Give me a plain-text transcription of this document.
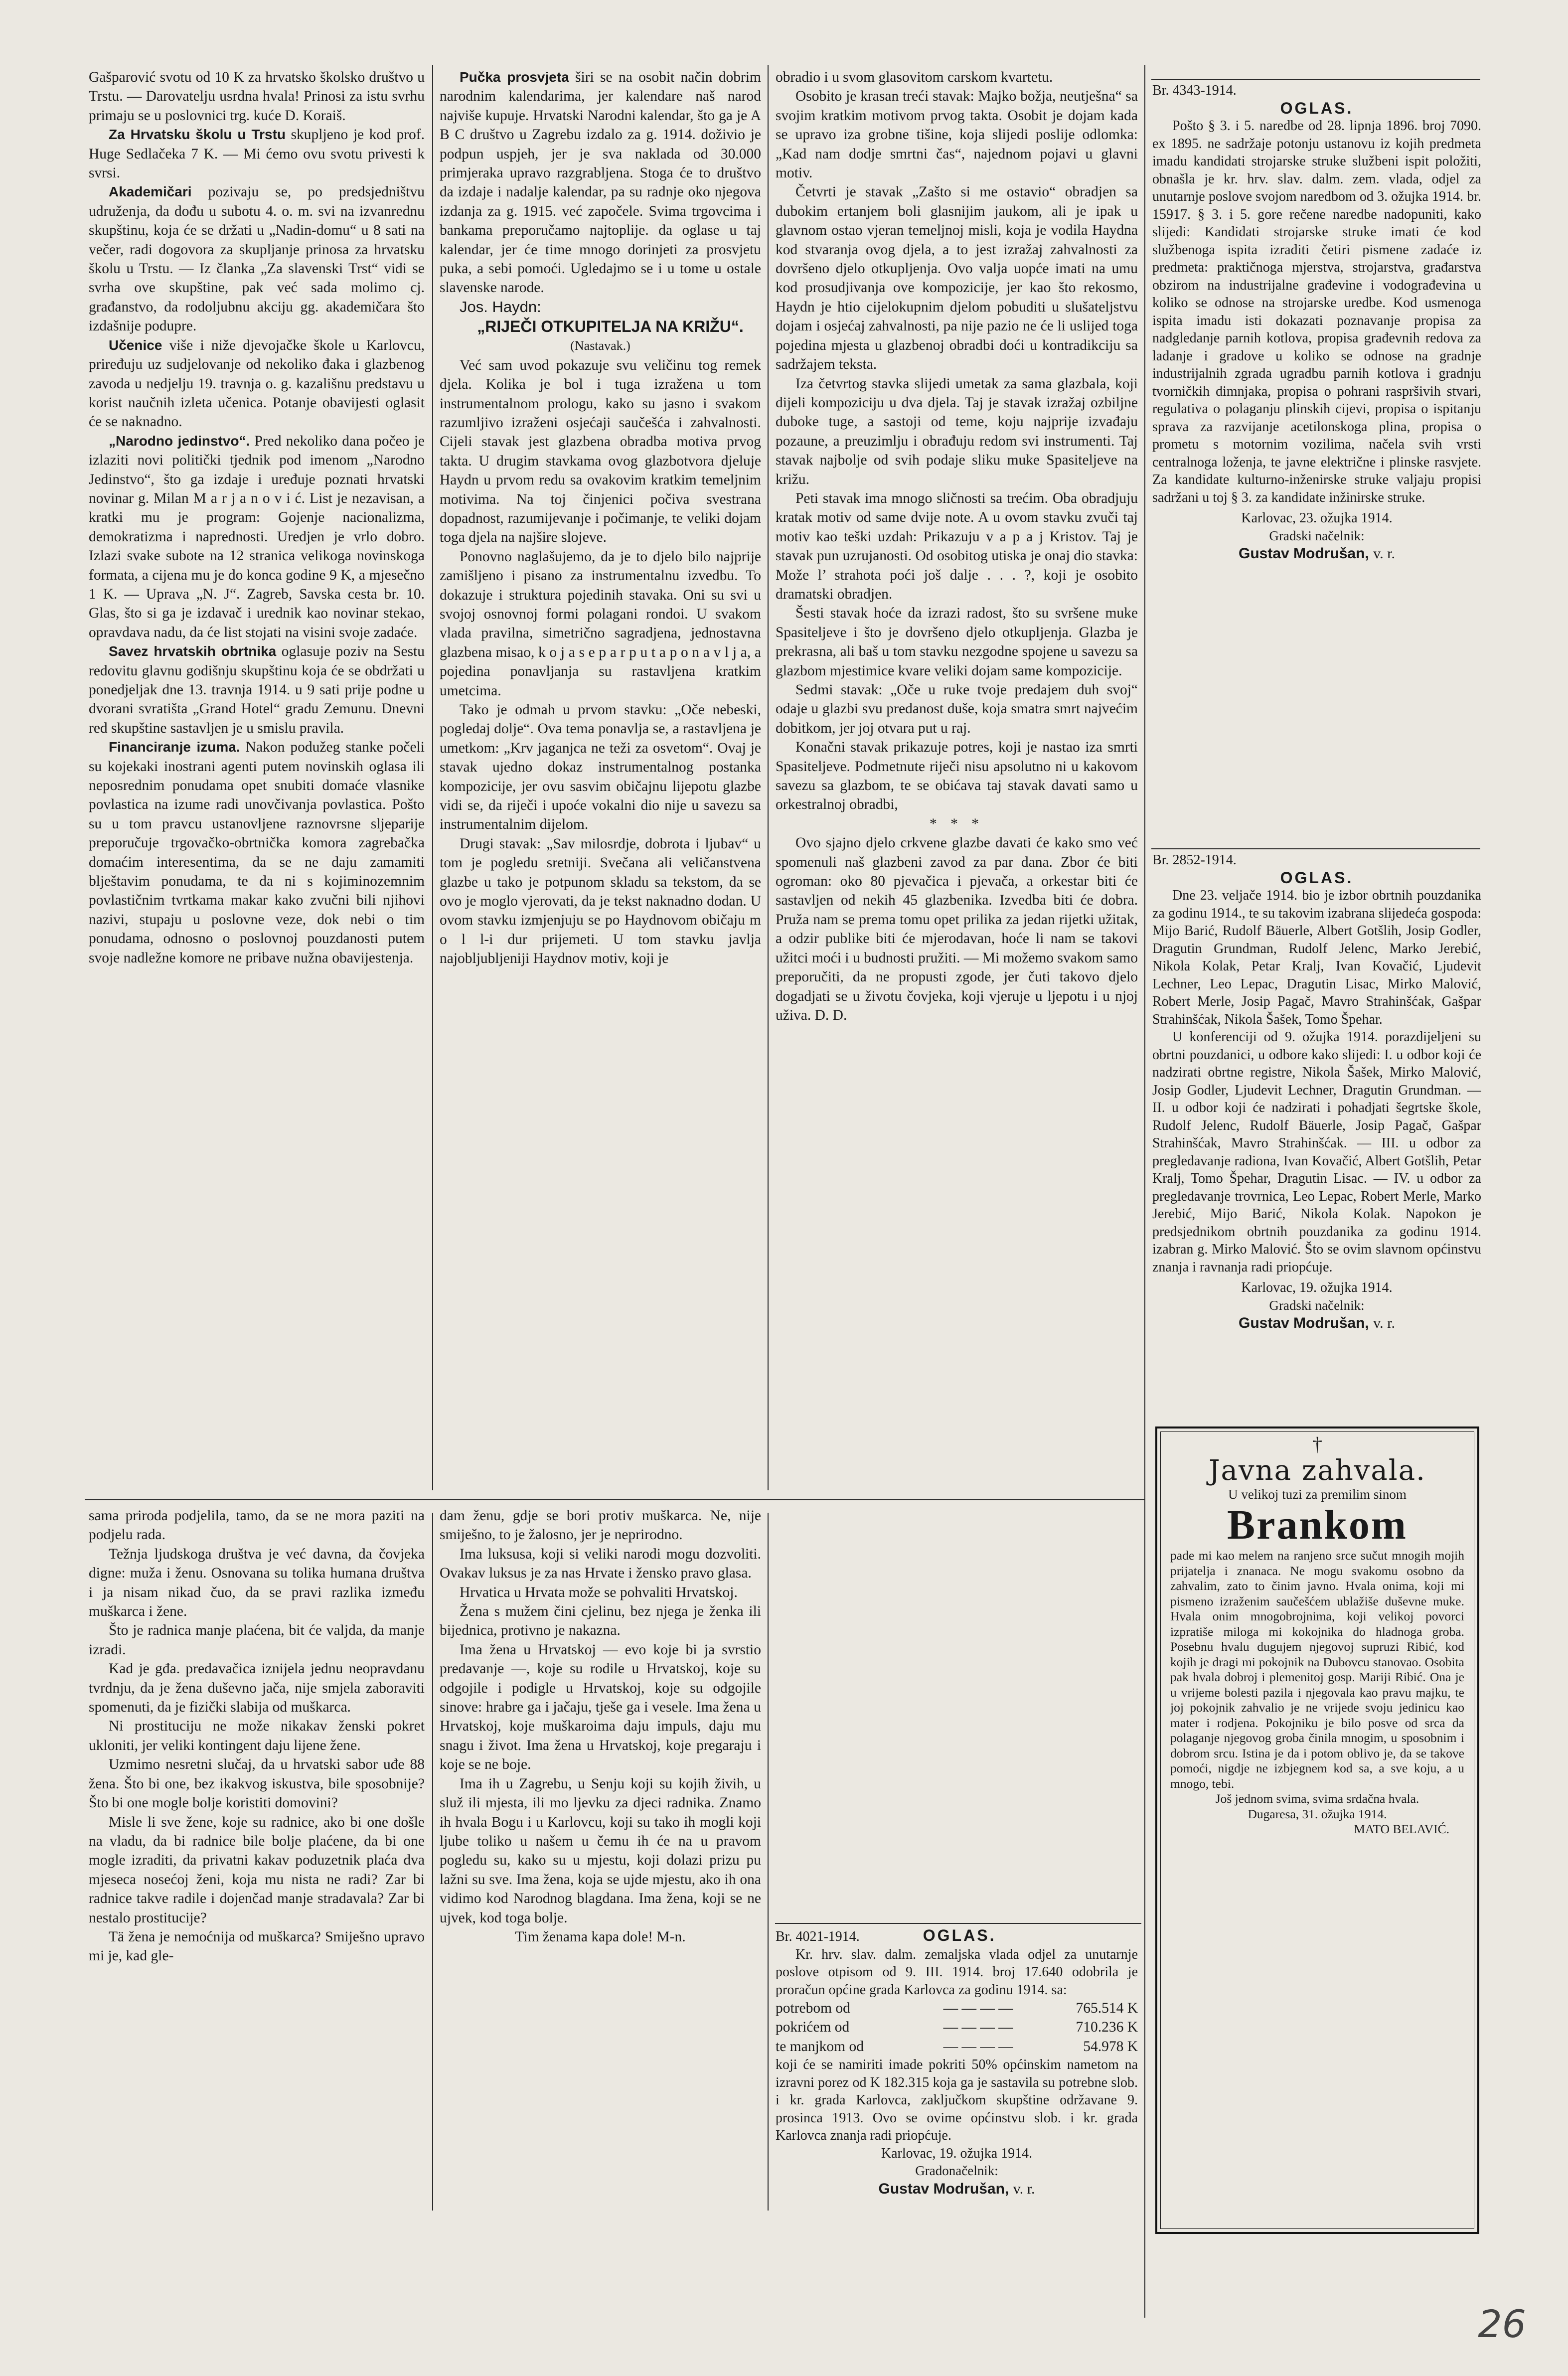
Gašparović svotu od 10 K za hrvatsko školsko društvo u Trstu. — Darovatelju usrdna hvala! Prinosi za istu svrhu primaju se u poslovnici trg. kuće D. Koraiš.

Za Hrvatsku školu u Trstu skupljeno je kod prof. Huge Sedlačeka 7 K. — Mi ćemo ovu svotu privesti k svrsi.

Akademičari pozivaju se, po predsjedništvu udruženja, da dođu u subotu 4. o. m. svi na izvanrednu skupštinu, koja će se držati u „Nadin-domu“ u 8 sati na večer, radi dogovora za skupljanje prinosa za hrvatsku školu u Trstu. — Iz članka „Za slavenski Trst“ vidi se svrha ove skupštine, pak već sada molimo cj. građanstvo, da rodoljubnu akciju gg. akademičara što izdašnije podupre.

Učenice više i niže djevojačke škole u Karlovcu, priređuju uz sudjelovanje od nekoliko đaka i glazbenog zavoda u nedjelju 19. travnja o. g. kazališnu predstavu u korist naučnih izleta učenica. Potanje obavijesti oglasit će se naknadno.

„Narodno jedinstvo“. Pred nekoliko dana počeo je izlaziti novi politički tjednik pod imenom „Narodno Jedinstvo“, što ga izdaje i uređuje poznati hrvatski novinar g. Milan M a r j a n o v i ć. List je nezavisan, a kratki mu je program: Gojenje nacionalizma, demokratizma i naprednosti. Uredjen je vrlo dobro. Izlazi svake subote na 12 stranica velikoga novinskoga formata, a cijena mu je do konca godine 9 K, a mjesečno 1 K. — Uprava „N. J“. Zagreb, Savska cesta br. 10. Glas, što si ga je izdavač i urednik kao novinar stekao, opravdava nadu, da će list stojati na visini svoje zadaće.

Savez hrvatskih obrtnika oglasuje poziv na Sestu redovitu glavnu godišnju skupštinu koja će se obdržati u ponedjeljak dne 13. travnja 1914. u 9 sati prije podne u dvorani svratišta „Grand Hotel“ gradu Zemunu. Dnevni red skupštine sastavljen je u smislu pravila.

Financiranje izuma. Nakon podužeg stanke počeli su kojekaki inostrani agenti putem novinskih oglasa ili neposrednim ponudama opet snubiti domaće vlasnike povlastica na izume radi unovčivanja povlastica. Pošto su u tom pravcu ustanovljene raznovrsne sljeparije preporučuje trgovačko-obrtnička komora zagrebačka domaćim interesentima, da se ne daju zamamiti blještavim ponudama, te da ni s kojiminozemnim povlastičnim tvrtkama makar kako zvučni bili njihovi nazivi, stupaju u poslovne veze, dok nebi o tim ponudama, odnosno o poslovnoj pouzdanosti putem svoje nadležne komore ne pribave nužna obavijestenja.

Pučka prosvjeta širi se na osobit način dobrim narodnim kalendarima, jer kalendare naš narod najviše kupuje. Hrvatski Narodni kalendar, što ga je A B C društvo u Zagrebu izdalo za g. 1914. doživio je podpun uspjeh, jer je sva naklada od 30.000 primjeraka upravo razgrabljena. Stoga će to društvo da izdaje i nadalje kalendar, pa su radnje oko njegova izdanja za g. 1915. već započele. Svima trgovcima i bankama preporučamo najtoplije. da oglase u taj kalendar, jer će time mnogo dorinjeti za prosvjetu puka, a sebi pomoći. Ugledajmo se i u tome u ostale slavenske narode.

Jos. Haydn:

„RIJEČI OTKUPITELJA NA KRIŽU“.

(Nastavak.)

Već sam uvod pokazuje svu veličinu tog remek djela. Kolika je bol i tuga izražena u tom instrumentalnom prologu, kako su jasno i svakom razumljivo izraženi osjećaji saučešća i zahvalnosti. Cijeli stavak jest glazbena obradba motiva prvog takta. U drugim stavkama ovog glazbotvora djeluje Haydn u prvom redu sa ovakovim kratkim temeljnim motivima. Na toj činjenici počiva svestrana dopadnost, razumijevanje i počimanje, te veliki dojam toga djela na najšire slojeve.

Ponovno naglašujemo, da je to djelo bilo najprije zamišljeno i pisano za instrumentalnu izvedbu. To dokazuje i struktura pojedinih stavaka. Oni su svi u svojoj osnovnoj formi polagani rondoi. U svakom vlada pravilna, simetrično sagradjena, jednostavna glazbena misao, k o j a s e p a r p u t a p o n a v l j a, a pojedina ponavljanja su rastavljena kratkim umetcima.

Tako je odmah u prvom stavku: „Oče nebeski, pogledaj dolje“. Ova tema ponavlja se, a rastavljena je umetkom: „Krv jaganjca ne teži za osvetom“. Ovaj je stavak ujedno dokaz instrumentalnog postanka kompozicije, jer ovu sasvim običajnu lijepotu glazbe vidi se, da riječi i upoće vokalni dio nije u savezu sa instrumentalnim dijelom.

Drugi stavak: „Sav milosrdje, dobrota i ljubav“ u tom je pogledu sretniji. Svečana ali veličanstvena glazbe u tako je potpunom skladu sa tekstom, da se ovo je moglo vjerovati, da je tekst naknadno dodan. U ovom stavku izmjenjuju se po Haydnovom običaju m o l l-i dur prijemeti. U tom stavku javlja najobljubljeniji Haydnov motiv, koji je

obradio i u svom glasovitom carskom kvartetu.

Osobito je krasan treći stavak: Majko božja, neutješna“ sa svojim kratkim motivom prvog takta. Osobit je dojam kada se upravo iza grobne tišine, koja slijedi poslije odlomka: „Kad nam dodje smrtni čas“, najednom pojavi u glavni motiv.

Četvrti je stavak „Zašto si me ostavio“ obradjen sa dubokim ertanjem boli glasnijim jaukom, ali je ipak u glavnom ostao vjeran temeljnoj misli, koja je vodila Haydna kod stvaranja ovog djela, a to jest izražaj zahvalnosti za dovršeno djelo otkupljenja. Ovo valja uopće imati na umu kod prosudjivanja ove kompozicije, jer kao što rekosmo, Haydn je htio cijelokupnim djelom pobuditi u slušateljstvu dojam i osjećaj zahvalnosti, pa nije pazio ne će li uslijed toga pojedina mjesta u glazbenoj obradbi doći u kontradikciju sa sadržajem teksta.

Iza četvrtog stavka slijedi umetak za sama glazbala, koji dijeli kompoziciju u dva djela. Taj je stavak izražaj ozbiljne duboke tuge, a sastoji od teme, koju najprije izvađaju pozaune, a preuzimlju i obrađuju redom svi instrumenti. Taj stavak najbolje od svih podaje sliku muke Spasiteljeve na križu.

Peti stavak ima mnogo sličnosti sa trećim. Oba obradjuju kratak motiv od same dvije note. A u ovom stavku zvuči taj motiv kao teški uzdah: Prikazuju v a p a j Kristov. Taj je stavak pun uzrujanosti. Od osobitog utiska je onaj dio stavka: Može l’ strahota poći još dalje . . . ?, koji je osobito dramatski obradjen.

Šesti stavak hoće da izrazi radost, što su svršene muke Spasiteljeve i što je dovršeno djelo otkupljenja. Glazba je prekrasna, ali baš u tom stavku nezgodne spojene u savezu sa glazbom mjestimice kvare veliki dojam same kompozicije.

Sedmi stavak: „Oče u ruke tvoje predajem duh svoj“ odaje u glazbi svu predanost duše, koja smatra smrt najvećim dobitkom, jer joj otvara put u raj.

Konačni stavak prikazuje potres, koji je nastao iza smrti Spasiteljeve. Podmetnute riječi nisu apsolutno ni u kakovom savezu sa glazbom, te se obićava taj stavak davati samo u orkestralnoj obradbi,

* * *

Ovo sjajno djelo crkvene glazbe davati će kako smo već spomenuli naš glazbeni zavod za par dana. Zbor će biti ogroman: oko 80 pjevačica i pjevača, a orkestar biti će sastavljen od nekih 45 glazbenika. Izvedba biti će dobra. Pruža nam se prema tomu opet prilika za jedan rijetki užitak, a odzir publike biti će mjerodavan, hoće li nam se takovi užitci moći i u budnosti pružiti. — Mi možemo svakom samo preporučiti, da ne propusti zgode, jer čuti takovo djelo dogadjati se u životu čovjeka, koji vjeruje u ljepotu i u njoj uživa. D. D.

Br. 4343-1914.

OGLAS.

Pošto § 3. i 5. naredbe od 28. lipnja 1896. broj 7090. ex 1895. ne sadržaje potonju ustanovu iz kojih predmeta imadu kandidati strojarske struke službeni ispit položiti, obnašla je kr. hrv. slav. dalm. zem. vlada, odjel za unutarnje poslove svojom naredbom od 3. ožujka 1914. br. 15917. § 3. i 5. gore rečene naredbe nadopuniti, kako slijedi: Kandidati strojarske struke imati će kod službenoga ispita izraditi četiri pismene zadaće iz predmeta: praktičnoga mjerstva, strojarstva, građarstva obzirom na industrijalne građevine i vodograđevina u koliko se odnose na strojarske uredbe. Kod usmenoga ispita imadu isti dokazati poznavanje propisa za nadgledanje parnih kotlova, propisa građevnih redova za ladanje i gradove u koliko se odnose na gradnje industrijalnih zgrada ugradbu parnih kotlova i gradnju tvorničkih dimnjaka, propisa o pohrani raspršivih stvari, regulativa o polaganju plinskih cijevi, propisa o ispitanju sprava za razvijanje acetilonskoga plina, propisa o prometu s motornim vozilima, načela svih vrsti centralnoga loženja, te javne električne i plinske rasvjete. Za kandidate kulturno-inženirske struke valjaju propisi sadržani u toj § 3. za kandidate inžinirske struke.

Karlovac, 23. ožujka 1914.

Gradski načelnik:

Gustav Modrušan, v. r.

Br. 2852-1914.

OGLAS.

Dne 23. veljače 1914. bio je izbor obrtnih pouzdanika za godinu 1914., te su takovim izabrana slijedeća gospoda: Mijo Barić, Rudolf Bäuerle, Albert Gotšlih, Josip Godler, Dragutin Grundman, Rudolf Jelenc, Marko Jerebić, Nikola Kolak, Petar Kralj, Ivan Kovačić, Ljudevit Lechner, Leo Lepac, Dragutin Lisac, Mirko Malović, Robert Merle, Josip Pagač, Mavro Strahinšćak, Gašpar Strahinšćak, Nikola Šašek, Tomo Špehar.

U konferenciji od 9. ožujka 1914. porazdijeljeni su obrtni pouzdanici, u odbore kako slijedi: I. u odbor koji će nadzirati obrtne registre, Nikola Šašek, Mirko Malović, Josip Godler, Ljudevit Lechner, Dragutin Grundman. — II. u odbor koji će nadzirati i pohadjati šegrtske škole, Rudolf Jelenc, Rudolf Bäuerle, Josip Pagač, Gašpar Strahinšćak, Mavro Strahinšćak. — III. u odbor za pregledavanje radiona, Ivan Kovačić, Albert Gotšlih, Petar Kralj, Tomo Špehar, Dragutin Lisac. — IV. u odbor za pregledavanje trovrnica, Leo Lepac, Robert Merle, Marko Jerebić, Mijo Barić, Nikola Kolak. Napokon je predsjednikom obrtnih pouzdanika za godinu 1914. izabran g. Mirko Malović. Što se ovim slavnom općinstvu znanja i ravnanja radi priopćuje.

Karlovac, 19. ožujka 1914.

Gradski načelnik:

Gustav Modrušan, v. r.

†

Javna zahvala.

U velikoj tuzi za premilim sinom

Brankom

pade mi kao melem na ranjeno srce sučut mnogih mojih prijatelja i znanaca. Ne mogu svakomu osobno da zahvalim, zato to činim javno. Hvala onima, koji mi pismeno izraženim saučešćem ublažiše duševne muke. Hvala onim mnogobrojnima, koji velikoj povorci izpratiše miloga mi kokojnika do hladnoga groba. Posebnu hvalu dugujem njegovoj supruzi Ribić, kod kojih je dragi mi pokojnik na Dubovcu stanovao. Osobita pak hvala dobroj i plemenitoj gosp. Mariji Ribić. Ona je u vrijeme bolesti pazila i njegovala kao pravu majku, te joj pokojnik zahvalio je ne vrijede svoju jedinicu kao mater i rodjena. Pokojniku je bilo posve od srca da polaganje njegovog groba činila mnogim, u sposobnim i dobrom srcu. Istina je da i potom oblivo je, da se takove pomoći, nigdje ne izbjegnem kod sa, a sve koju, a u mnogo, tebi.

Još jednom svima, svima srdačna hvala.

Dugaresa, 31. ožujka 1914.

MATO BELAVIĆ.

sama priroda podjelila, tamo, da se ne mora paziti na podjelu rada.

Težnja ljudskoga društva je već davna, da čovjeka digne: muža i ženu. Osnovana su tolika humana društva i ja nisam nikad čuo, da se pravi razlika između muškarca i žene.

Što je radnica manje plaćena, bit će valjda, da manje izradi.

Kad je gđa. predavačica iznijela jednu neopravdanu tvrdnju, da je žena duševno jača, nije smjela zaboraviti spomenuti, da je fizički slabija od muškarca.

Ni prostituciju ne može nikakav ženski pokret ukloniti, jer veliki kontingent daju lijene žene.

Uzmimo nesretni slučaj, da u hrvatski sabor uđe 88 žena. Što bi one, bez ikakvog iskustva, bile sposobnije? Što bi one mogle bolje koristiti domovini?

Misle li sve žene, koje su radnice, ako bi one došle na vladu, da bi radnice bile bolje plaćene, da bi one mogle izraditi, da privatni kakav poduzetnik plaća dva mjeseca nosećoj ženi, koja mu nista ne radi? Zar bi radnice takve radile i dojenčad manje stradavala? Zar bi nestalo prostitucije?

Tä žena je nemoćnija od muškarca? Smiješno upravo mi je, kad gle-

dam ženu, gdje se bori protiv muškarca. Ne, nije smiješno, to je žalosno, jer je neprirodno.

Ima luksusa, koji si veliki narodi mogu dozvoliti. Ovakav luksus je za nas Hrvate i žensko pravo glasa.

Hrvatica u Hrvata može se pohvaliti Hrvatskoj.

Žena s mužem čini cjelinu, bez njega je ženka ili bijednica, protivno je nakazna.

Ima žena u Hrvatskoj — evo koje bi ja svrstio predavanje —, koje su rodile u Hrvatskoj, koje su odgojile i podigle u Hrvatskoj, koje su odgojile sinove: hrabre ga i jačaju, tješe ga i vesele. Ima žena u Hrvatskoj, koje muškaroima daju impuls, daju mu snagu i život. Ima žena u Hrvatskoj, koje pregaraju i koje se ne boje.

Ima ih u Zagrebu, u Senju koji su kojih živih, u služ ili mjesta, ili mo ljevku za djeci radnika. Znamo ih hvala Bogu i u Karlovcu, koji su tako ih mogli koji ljube toliko u našem u čemu ih će na u pravom pogledu su, kako su u mjestu, koji dolazi prizu pu lažni su sve. Ima žena, koja se ujde mjestu, ako ih ona vidimo kod Narodnog blagdana. Ima žena, koji se ne ujvek, kod toga bolje.

Tim ženama kapa dole! M-n.	Br. 4021-1914.	OGLAS.

Kr. hrv. slav. dalm. zemaljska vlada odjel za unutarnje poslove otpisom od 9. III. 1914. broj 17.640 odobrila je proračun općine grada Karlovca za godinu 1914. sa:

potrebom od	— — — —	765.514 K
pokrićem od	— — — —	710.236 K
te manjkom od	— — — —	54.978 K

koji će se namiriti imade pokriti 50% općinskim nametom na izravni porez od K 182.315 koja ga je sastavila su potrebne slob. i kr. grada Karlovca, zaključkom skupštine održavane 9. prosinca 1913. Ovo se ovime općinstvu slob. i kr. grada Karlovca znanja radi priopćuje.

Karlovac, 19. ožujka 1914.

Gradonačelnik:

Gustav Modrušan, v. r.

26
